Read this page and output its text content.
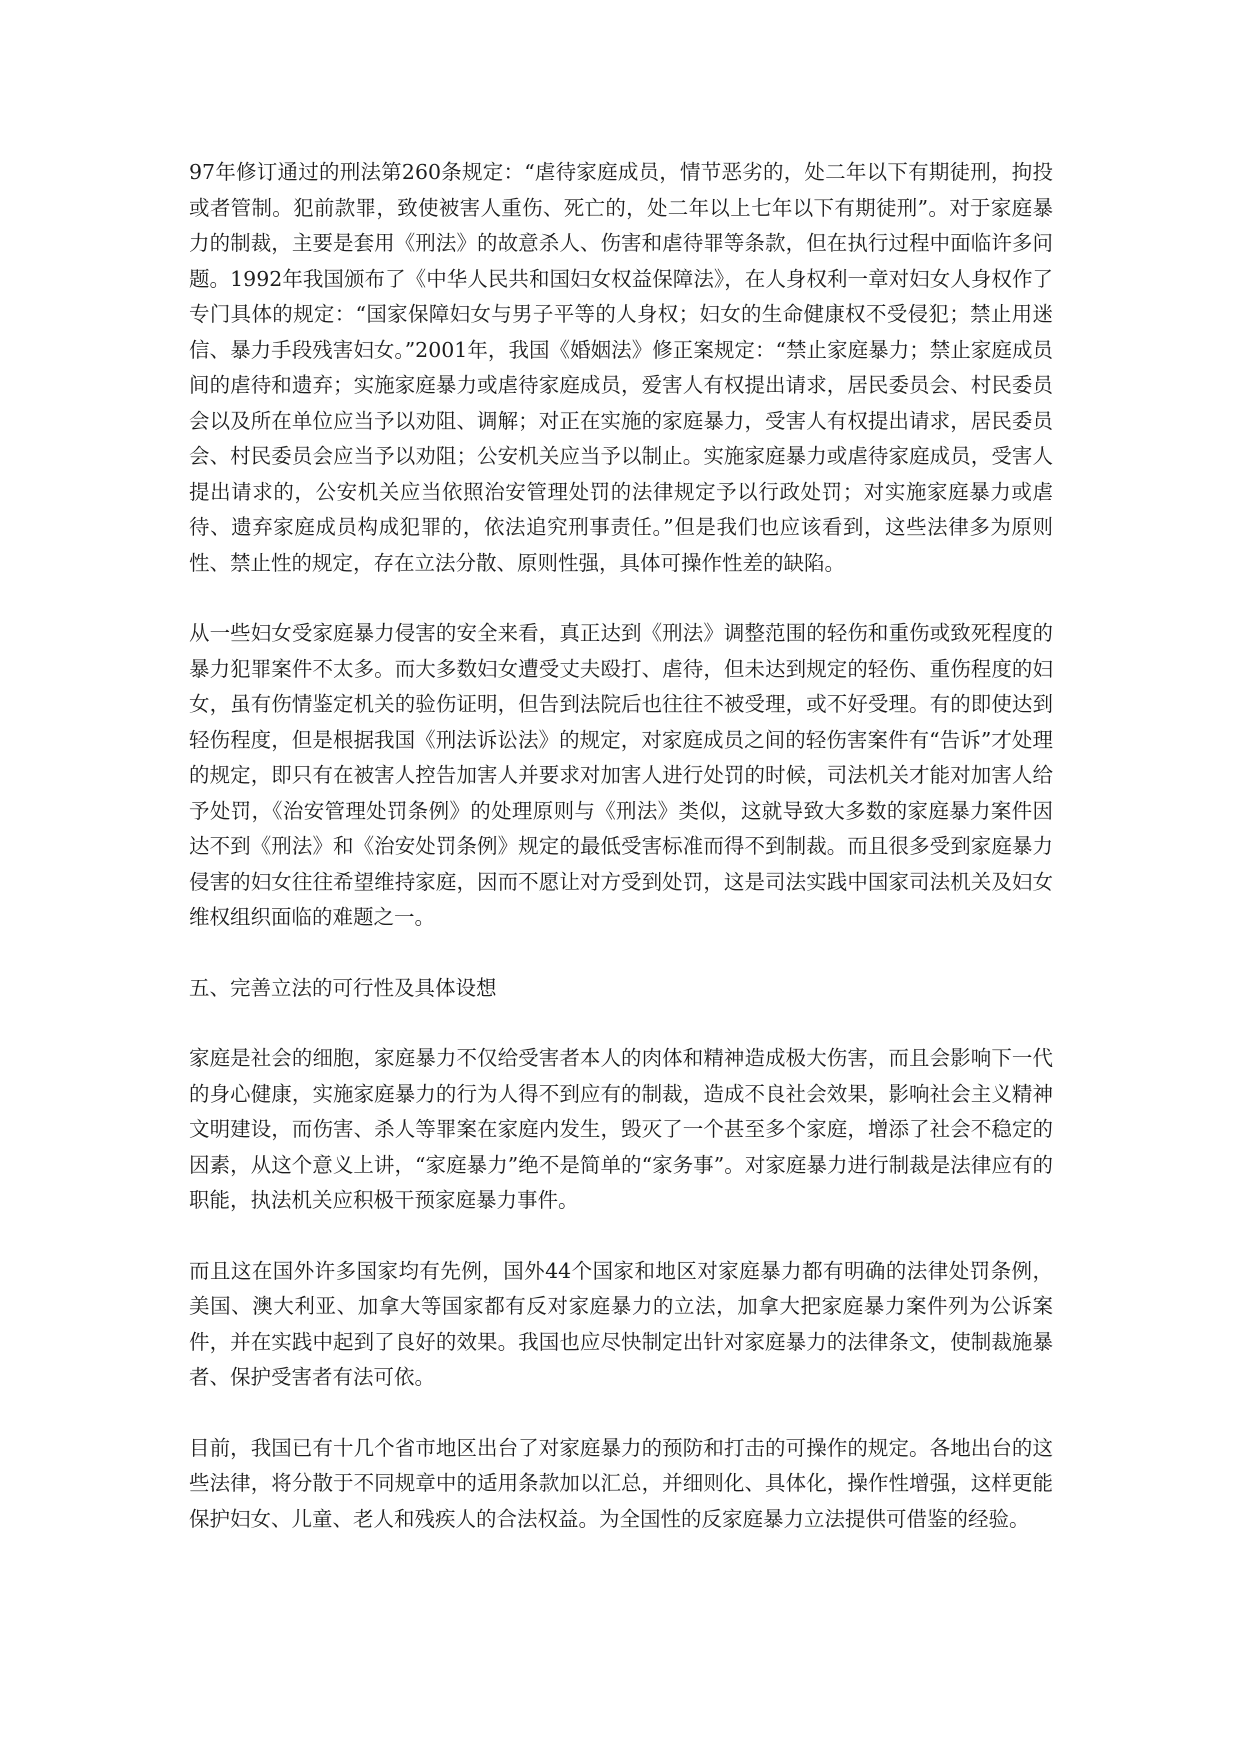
97年修订通过的刑法第260条规定：“虐待家庭成员，情节恶劣的，处二年以下有期徒刑，拘投或者管制。犯前款罪，致使被害人重伤、死亡的，处二年以上七年以下有期徒刑”。对于家庭暴力的制裁，主要是套用《刑法》的故意杀人、伤害和虐待罪等条款，但在执行过程中面临许多问题。1992年我国颁布了《中华人民共和国妇女权益保障法》，在人身权利一章对妇女人身权作了专门具体的规定：“国家保障妇女与男子平等的人身权；妇女的生命健康权不受侵犯；禁止用迷信、暴力手段残害妇女。”2001年，我国《婚姻法》修正案规定：“禁止家庭暴力；禁止家庭成员间的虐待和遗弃；实施家庭暴力或虐待家庭成员，爱害人有权提出请求，居民委员会、村民委员会以及所在单位应当予以劝阻、调解；对正在实施的家庭暴力，受害人有权提出请求，居民委员会、村民委员会应当予以劝阻；公安机关应当予以制止。实施家庭暴力或虐待家庭成员，受害人提出请求的，公安机关应当依照治安管理处罚的法律规定予以行政处罚；对实施家庭暴力或虐待、遗弃家庭成员构成犯罪的，依法追究刑事责任。”但是我们也应该看到，这些法律多为原则性、禁止性的规定，存在立法分散、原则性强，具体可操作性差的缺陷。

从一些妇女受家庭暴力侵害的安全来看，真正达到《刑法》调整范围的轻伤和重伤或致死程度的暴力犯罪案件不太多。而大多数妇女遭受丈夫殴打、虐待，但未达到规定的轻伤、重伤程度的妇女，虽有伤情鉴定机关的验伤证明，但告到法院后也往往不被受理，或不好受理。有的即使达到轻伤程度，但是根据我国《刑法诉讼法》的规定，对家庭成员之间的轻伤害案件有“告诉”才处理的规定，即只有在被害人控告加害人并要求对加害人进行处罚的时候，司法机关才能对加害人给予处罚，《治安管理处罚条例》的处理原则与《刑法》类似，这就导致大多数的家庭暴力案件因达不到《刑法》和《治安处罚条例》规定的最低受害标准而得不到制裁。而且很多受到家庭暴力侵害的妇女往往希望维持家庭，因而不愿让对方受到处罚，这是司法实践中国家司法机关及妇女维权组织面临的难题之一。

五、完善立法的可行性及具体设想

家庭是社会的细胞，家庭暴力不仅给受害者本人的肉体和精神造成极大伤害，而且会影响下一代的身心健康，实施家庭暴力的行为人得不到应有的制裁，造成不良社会效果，影响社会主义精神文明建设，而伤害、杀人等罪案在家庭内发生，毁灭了一个甚至多个家庭，增添了社会不稳定的因素，从这个意义上讲，“家庭暴力”绝不是简单的“家务事”。对家庭暴力进行制裁是法律应有的职能，执法机关应积极干预家庭暴力事件。

而且这在国外许多国家均有先例，国外44个国家和地区对家庭暴力都有明确的法律处罚条例，美国、澳大利亚、加拿大等国家都有反对家庭暴力的立法，加拿大把家庭暴力案件列为公诉案件，并在实践中起到了良好的效果。我国也应尽快制定出针对家庭暴力的法律条文，使制裁施暴者、保护受害者有法可依。

目前，我国已有十几个省市地区出台了对家庭暴力的预防和打击的可操作的规定。各地出台的这些法律，将分散于不同规章中的适用条款加以汇总，并细则化、具体化，操作性增强，这样更能保护妇女、儿童、老人和残疾人的合法权益。为全国性的反家庭暴力立法提供可借鉴的经验。
